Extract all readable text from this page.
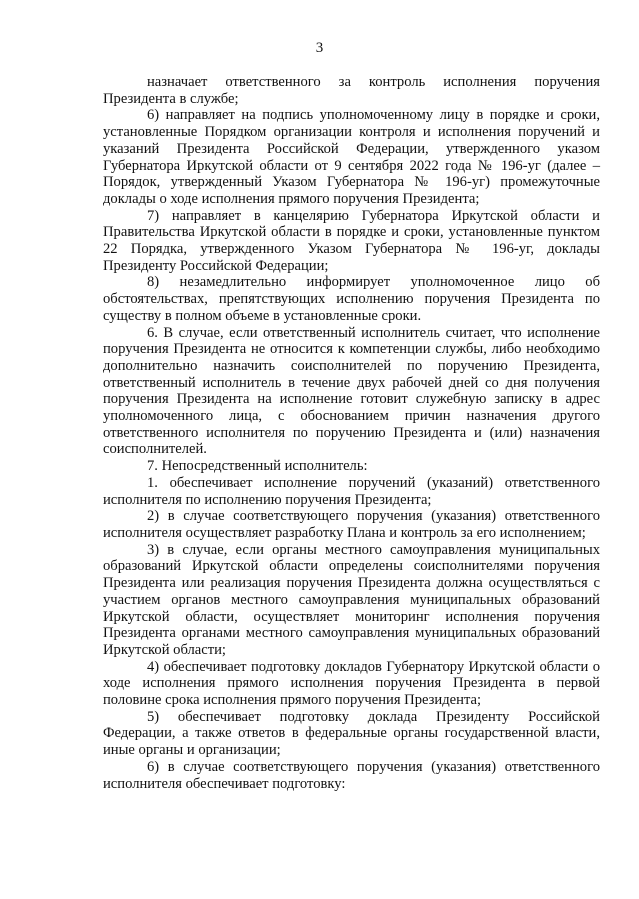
3

назначает ответственного за контроль исполнения поручения Президента в службе;

6) направляет на подпись уполномоченному лицу в порядке и сроки, установленные Порядком организации контроля и исполнения поручений и указаний Президента Российской Федерации, утвержденного указом Губернатора Иркутской области от 9 сентября 2022 года № 196-уг (далее – Порядок, утвержденный Указом Губернатора № 196-уг) промежуточные доклады о ходе исполнения прямого поручения Президента;

7) направляет в канцелярию Губернатора Иркутской области и Правительства Иркутской области в порядке и сроки, установленные пунктом 22 Порядка, утвержденного Указом Губернатора № 196-уг, доклады Президенту Российской Федерации;

8) незамедлительно информирует уполномоченное лицо об обстоятельствах, препятствующих исполнению поручения Президента по существу в полном объеме в установленные сроки.

6. В случае, если ответственный исполнитель считает, что исполнение поручения Президента не относится к компетенции службы, либо необходимо дополнительно назначить соисполнителей по поручению Президента, ответственный исполнитель в течение двух рабочей дней со дня получения поручения Президента на исполнение готовит служебную записку в адрес уполномоченного лица, с обоснованием причин назначения другого ответственного исполнителя по поручению Президента и (или) назначения соисполнителей.

7. Непосредственный исполнитель:

1. обеспечивает исполнение поручений (указаний) ответственного исполнителя по исполнению поручения Президента;

2) в случае соответствующего поручения (указания) ответственного исполнителя осуществляет разработку Плана и контроль за его исполнением;

3) в случае, если органы местного самоуправления муниципальных образований Иркутской области определены соисполнителями поручения Президента или реализация поручения Президента должна осуществляться с участием органов местного самоуправления муниципальных образований Иркутской области, осуществляет мониторинг исполнения поручения Президента органами местного самоуправления муниципальных образований Иркутской области;

4) обеспечивает подготовку докладов Губернатору Иркутской области о ходе исполнения прямого исполнения поручения Президента в первой половине срока исполнения прямого поручения Президента;

5) обеспечивает подготовку доклада Президенту Российской Федерации, а также ответов в федеральные органы государственной власти, иные органы и организации;

6) в случае соответствующего поручения (указания) ответственного исполнителя обеспечивает подготовку:
